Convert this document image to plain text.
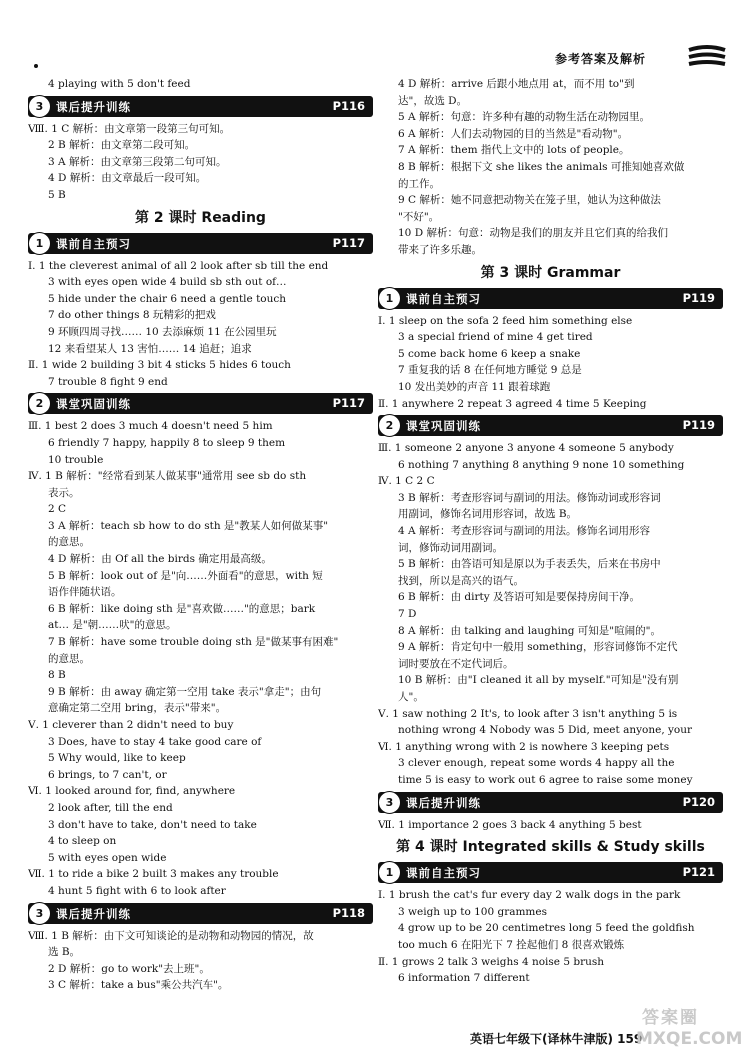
参考答案及解析
4 playing with 5 don't feed
3	课后提升训练	P116
Ⅷ. 1 C 解析：由文章第一段第三句可知。
2 B 解析：由文章第二段可知。
3 A 解析：由文章第三段第二句可知。
4 D 解析：由文章最后一段可知。
5 B
第 2 课时 Reading
1	课前自主预习	P117
Ⅰ. 1 the cleverest animal of all 2 look after sb till the end
3 with eyes open wide 4 build sb sth out of…
5 hide under the chair 6 need a gentle touch
7 do other things 8 玩精彩的把戏
9 环顾四周寻找…… 10 去添麻烦 11 在公园里玩
12 来看望某人 13 害怕…… 14 追赶；追求
Ⅱ. 1 wide 2 building 3 bit 4 sticks 5 hides 6 touch
7 trouble 8 fight 9 end
2	课堂巩固训练	P117
Ⅲ. 1 best 2 does 3 much 4 doesn't need 5 him
6 friendly 7 happy, happily 8 to sleep 9 them
10 trouble
Ⅳ. 1 B 解析："经常看到某人做某事"通常用 see sb do sth
表示。
2 C
3 A 解析：teach sb how to do sth 是"教某人如何做某事"
的意思。
4 D 解析：由 Of all the birds 确定用最高级。
5 B 解析：look out of 是"向……外面看"的意思，with 短
语作伴随状语。
6 B 解析：like doing sth 是"喜欢做……"的意思；bark
at… 是"朝……吠"的意思。
7 B 解析：have some trouble doing sth 是"做某事有困难"
的意思。
8 B
9 B 解析：由 away 确定第一空用 take 表示"拿走"；由句
意确定第二空用 bring，表示"带来"。
Ⅴ. 1 cleverer than 2 didn't need to buy
3 Does, have to stay 4 take good care of
5 Why would, like to keep
6 brings, to 7 can't, or
Ⅵ. 1 looked around for, find, anywhere
2 look after, till the end
3 don't have to take, don't need to take
4 to sleep on
5 with eyes open wide
Ⅶ. 1 to ride a bike 2 built 3 makes any trouble
4 hunt 5 fight with 6 to look after
3	课后提升训练	P118
Ⅷ. 1 B 解析：由下文可知谈论的是动物和动物园的情况，故
选 B。
2 D 解析：go to work"去上班"。
3 C 解析：take a bus"乘公共汽车"。
4 D 解析：arrive 后跟小地点用 at，而不用 to"到
达"，故选 D。
5 A 解析：句意：许多种有趣的动物生活在动物园里。
6 A 解析：人们去动物园的目的当然是"看动物"。
7 A 解析：them 指代上文中的 lots of people。
8 B 解析：根据下文 she likes the animals 可推知她喜欢做
的工作。
9 C 解析：她不同意把动物关在笼子里，她认为这种做法
"不好"。
10 D 解析：句意：动物是我们的朋友并且它们真的给我们
带来了许多乐趣。
第 3 课时 Grammar
1	课前自主预习	P119
Ⅰ. 1 sleep on the sofa 2 feed him something else
3 a special friend of mine 4 get tired
5 come back home 6 keep a snake
7 重复我的话 8 在任何地方睡觉 9 总是
10 发出美妙的声音 11 跟着球跑
Ⅱ. 1 anywhere 2 repeat 3 agreed 4 time 5 Keeping
2	课堂巩固训练	P119
Ⅲ. 1 someone 2 anyone 3 anyone 4 someone 5 anybody
6 nothing 7 anything 8 anything 9 none 10 something
Ⅳ. 1 C 2 C
3 B 解析：考查形容词与副词的用法。修饰动词或形容词
用副词，修饰名词用形容词，故选 B。
4 A 解析：考查形容词与副词的用法。修饰名词用形容
词，修饰动词用副词。
5 B 解析：由答语可知是原以为手表丢失，后来在书房中
找到，所以是高兴的语气。
6 B 解析：由 dirty 及答语可知是要保持房间干净。
7 D
8 A 解析：由 talking and laughing 可知是"喧闹的"。
9 A 解析：肯定句中一般用 something，形容词修饰不定代
词时要放在不定代词后。
10 B 解析：由"I cleaned it all by myself."可知是"没有别
人"。
Ⅴ. 1 saw nothing 2 It's, to look after 3 isn't anything 5 is
nothing wrong 4 Nobody was 5 Did, meet anyone, your
Ⅵ. 1 anything wrong with 2 is nowhere 3 keeping pets
3 clever enough, repeat some words 4 happy all the
time 5 is easy to work out 6 agree to raise some money
3	课后提升训练	P120
Ⅶ. 1 importance 2 goes 3 back 4 anything 5 best
第 4 课时 Integrated skills & Study skills
1	课前自主预习	P121
Ⅰ. 1 brush the cat's fur every day 2 walk dogs in the park
3 weigh up to 100 grammes
4 grow up to be 20 centimetres long 5 feed the goldfish
too much 6 在阳光下 7 拴起他们 8 很喜欢锻炼
Ⅱ. 1 grows 2 talk 3 weighs 4 noise 5 brush
6 information 7 different
英语七年级下(译林牛津版) 159
答案圈
MXQE.COM
